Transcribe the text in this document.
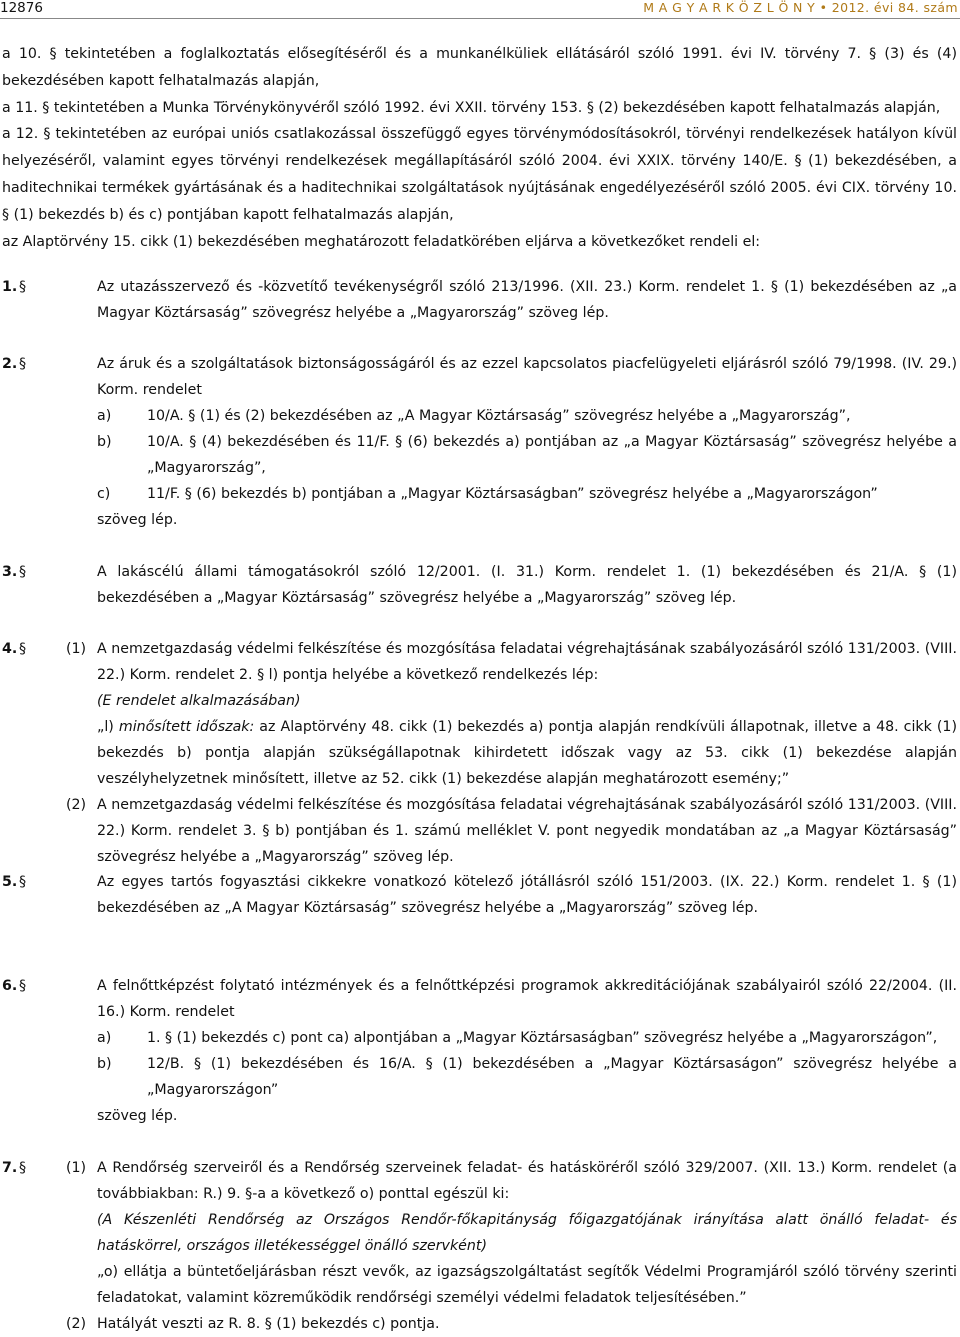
12876	M A G Y A R K Ö Z L Ö N Y • 2012. évi 84. szám

a 10. § tekintetében a foglalkoztatás elősegítéséről és a munkanélküliek ellátásáról szóló 1991. évi IV. törvény 7. § (3) és (4) bekezdésében kapott felhatalmazás alapján,

a 11. § tekintetében a Munka Törvénykönyvéről szóló 1992. évi XXII. törvény 153. § (2) bekezdésében kapott felhatalmazás alapján,

a 12. § tekintetében az európai uniós csatlakozással összefüggő egyes törvénymódosításokról, törvényi rendelkezések hatályon kívül helyezéséről, valamint egyes törvényi rendelkezések megállapításáról szóló 2004. évi XXIX. törvény 140/E. § (1) bekezdésében, a haditechnikai termékek gyártásának és a haditechnikai szolgáltatások nyújtásának engedélyezéséről szóló 2005. évi CIX. törvény 10. § (1) bekezdés b) és c) pontjában kapott felhatalmazás alapján,

az Alaptörvény 15. cikk (1) bekezdésében meghatározott feladatkörében eljárva a következőket rendeli el:

1. §	Az utazásszervező és -közvetítő tevékenységről szóló 213/1996. (XII. 23.) Korm. rendelet 1. § (1) bekezdésében az „a Magyar Köztársaság” szövegrész helyébe a „Magyarország” szöveg lép.

2. §	Az áruk és a szolgáltatások biztonságosságáról és az ezzel kapcsolatos piacfelügyeleti eljárásról szóló 79/1998. (IV. 29.) Korm. rendelet

a)	10/A. § (1) és (2) bekezdésében az „A Magyar Köztársaság” szövegrész helyébe a „Magyarország”,
b) 10/A. § (4) bekezdésében és 11/F. § (6) bekezdés a) pontjában az „a Magyar Köztársaság” szövegrész helyébe a „Magyarország”,
c)	11/F. § (6) bekezdés b) pontjában a „Magyar Köztársaságban” szövegrész helyébe a „Magyarországon”

szöveg lép.

3. §	A lakáscélú állami támogatásokról szóló 12/2001. (I. 31.) Korm. rendelet 1. (1) bekezdésében és 21/A. § (1) bekezdésében a „Magyar Köztársaság” szövegrész helyébe a „Magyarország” szöveg lép.

4. §	(1) A nemzetgazdaság védelmi felkészítése és mozgósítása feladatai végrehajtásának szabályozásáról szóló 131/2003. (VIII. 22.) Korm. rendelet 2. § l) pontja helyébe a következő rendelkezés lép:

(E rendelet alkalmazásában)

„l) minősített időszak: az Alaptörvény 48. cikk (1) bekezdés a) pontja alapján rendkívüli állapotnak, illetve a 48. cikk (1) bekezdés b) pontja alapján szükségállapotnak kihirdetett időszak vagy az 53. cikk (1) bekezdése alapján veszélyhelyzetnek minősített, illetve az 52. cikk (1) bekezdése alapján meghatározott esemény;”

(2) A nemzetgazdaság védelmi felkészítése és mozgósítása feladatai végrehajtásának szabályozásáról szóló 131/2003. (VIII. 22.) Korm. rendelet 3. § b) pontjában és 1. számú melléklet V. pont negyedik mondatában az „a Magyar Köztársaság” szövegrész helyébe a „Magyarország” szöveg lép.

5. §	Az egyes tartós fogyasztási cikkekre vonatkozó kötelező jótállásról szóló 151/2003. (IX. 22.) Korm. rendelet 1. § (1) bekezdésében az „A Magyar Köztársaság” szövegrész helyébe a „Magyarország” szöveg lép.

6. §	A felnőttképzést folytató intézmények és a felnőttképzési programok akkreditációjának szabályairól szóló 22/2004. (II. 16.) Korm. rendelet

a)	1. § (1) bekezdés c) pont ca) alpontjában a „Magyar Köztársaságban” szövegrész helyébe a „Magyarországon”,
b) 12/B. § (1) bekezdésében és 16/A. § (1) bekezdésében a „Magyar Köztársaságon” szövegrész helyébe a „Magyarországon”

szöveg lép.

7. §	(1) A Rendőrség szerveiről és a Rendőrség szerveinek feladat- és hatásköréről szóló 329/2007. (XII. 13.) Korm. rendelet (a továbbiakban: R.) 9. §-a a következő o) ponttal egészül ki:

(A Készenléti Rendőrség az Országos Rendőr-főkapitányság főigazgatójának irányítása alatt önálló feladat- és hatáskörrel, országos illetékességgel önálló szervként)

„o) ellátja a büntetőeljárásban részt vevők, az igazságszolgáltatást segítők Védelmi Programjáról szóló törvény szerinti feladatokat, valamint közreműködik rendőrségi személyi védelmi feladatok teljesítésében.”

(2) Hatályát veszti az R. 8. § (1) bekezdés c) pontja.
